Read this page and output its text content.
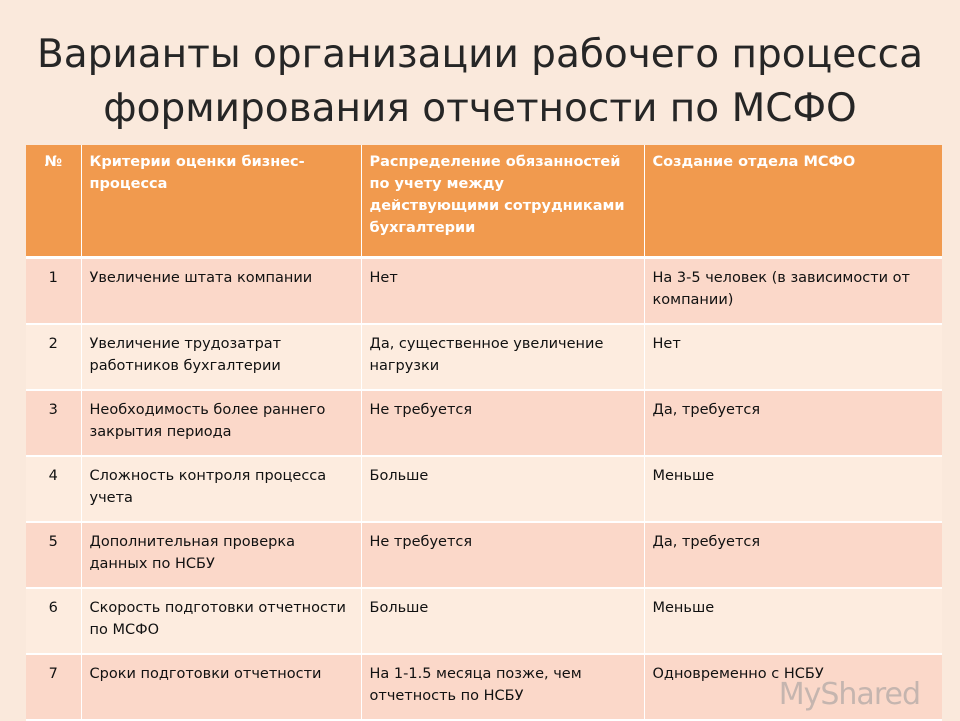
Варианты организации рабочего процесса
формирования отчетности по МСФО
№	Критерии оценки бизнес-процесса	Распределение обязанностей по учету между действующими сотрудниками бухгалтерии	Создание отдела МСФО
1	Увеличение штата компании	Нет	На 3-5 человек (в зависимости от компании)
2	Увеличение трудозатрат работников бухгалтерии	Да, существенное увеличение нагрузки	Нет
3	Необходимость более раннего закрытия периода	Не требуется	Да, требуется
4	Сложность контроля процесса учета	Больше	Меньше
5	Дополнительная проверка данных по НСБУ	Не требуется	Да, требуется
6	Скорость подготовки отчетности по МСФО	Больше	Меньше
7	Сроки подготовки отчетности	На 1-1.5 месяца позже, чем отчетность по НСБУ	Одновременно с НСБУ
MyShared
